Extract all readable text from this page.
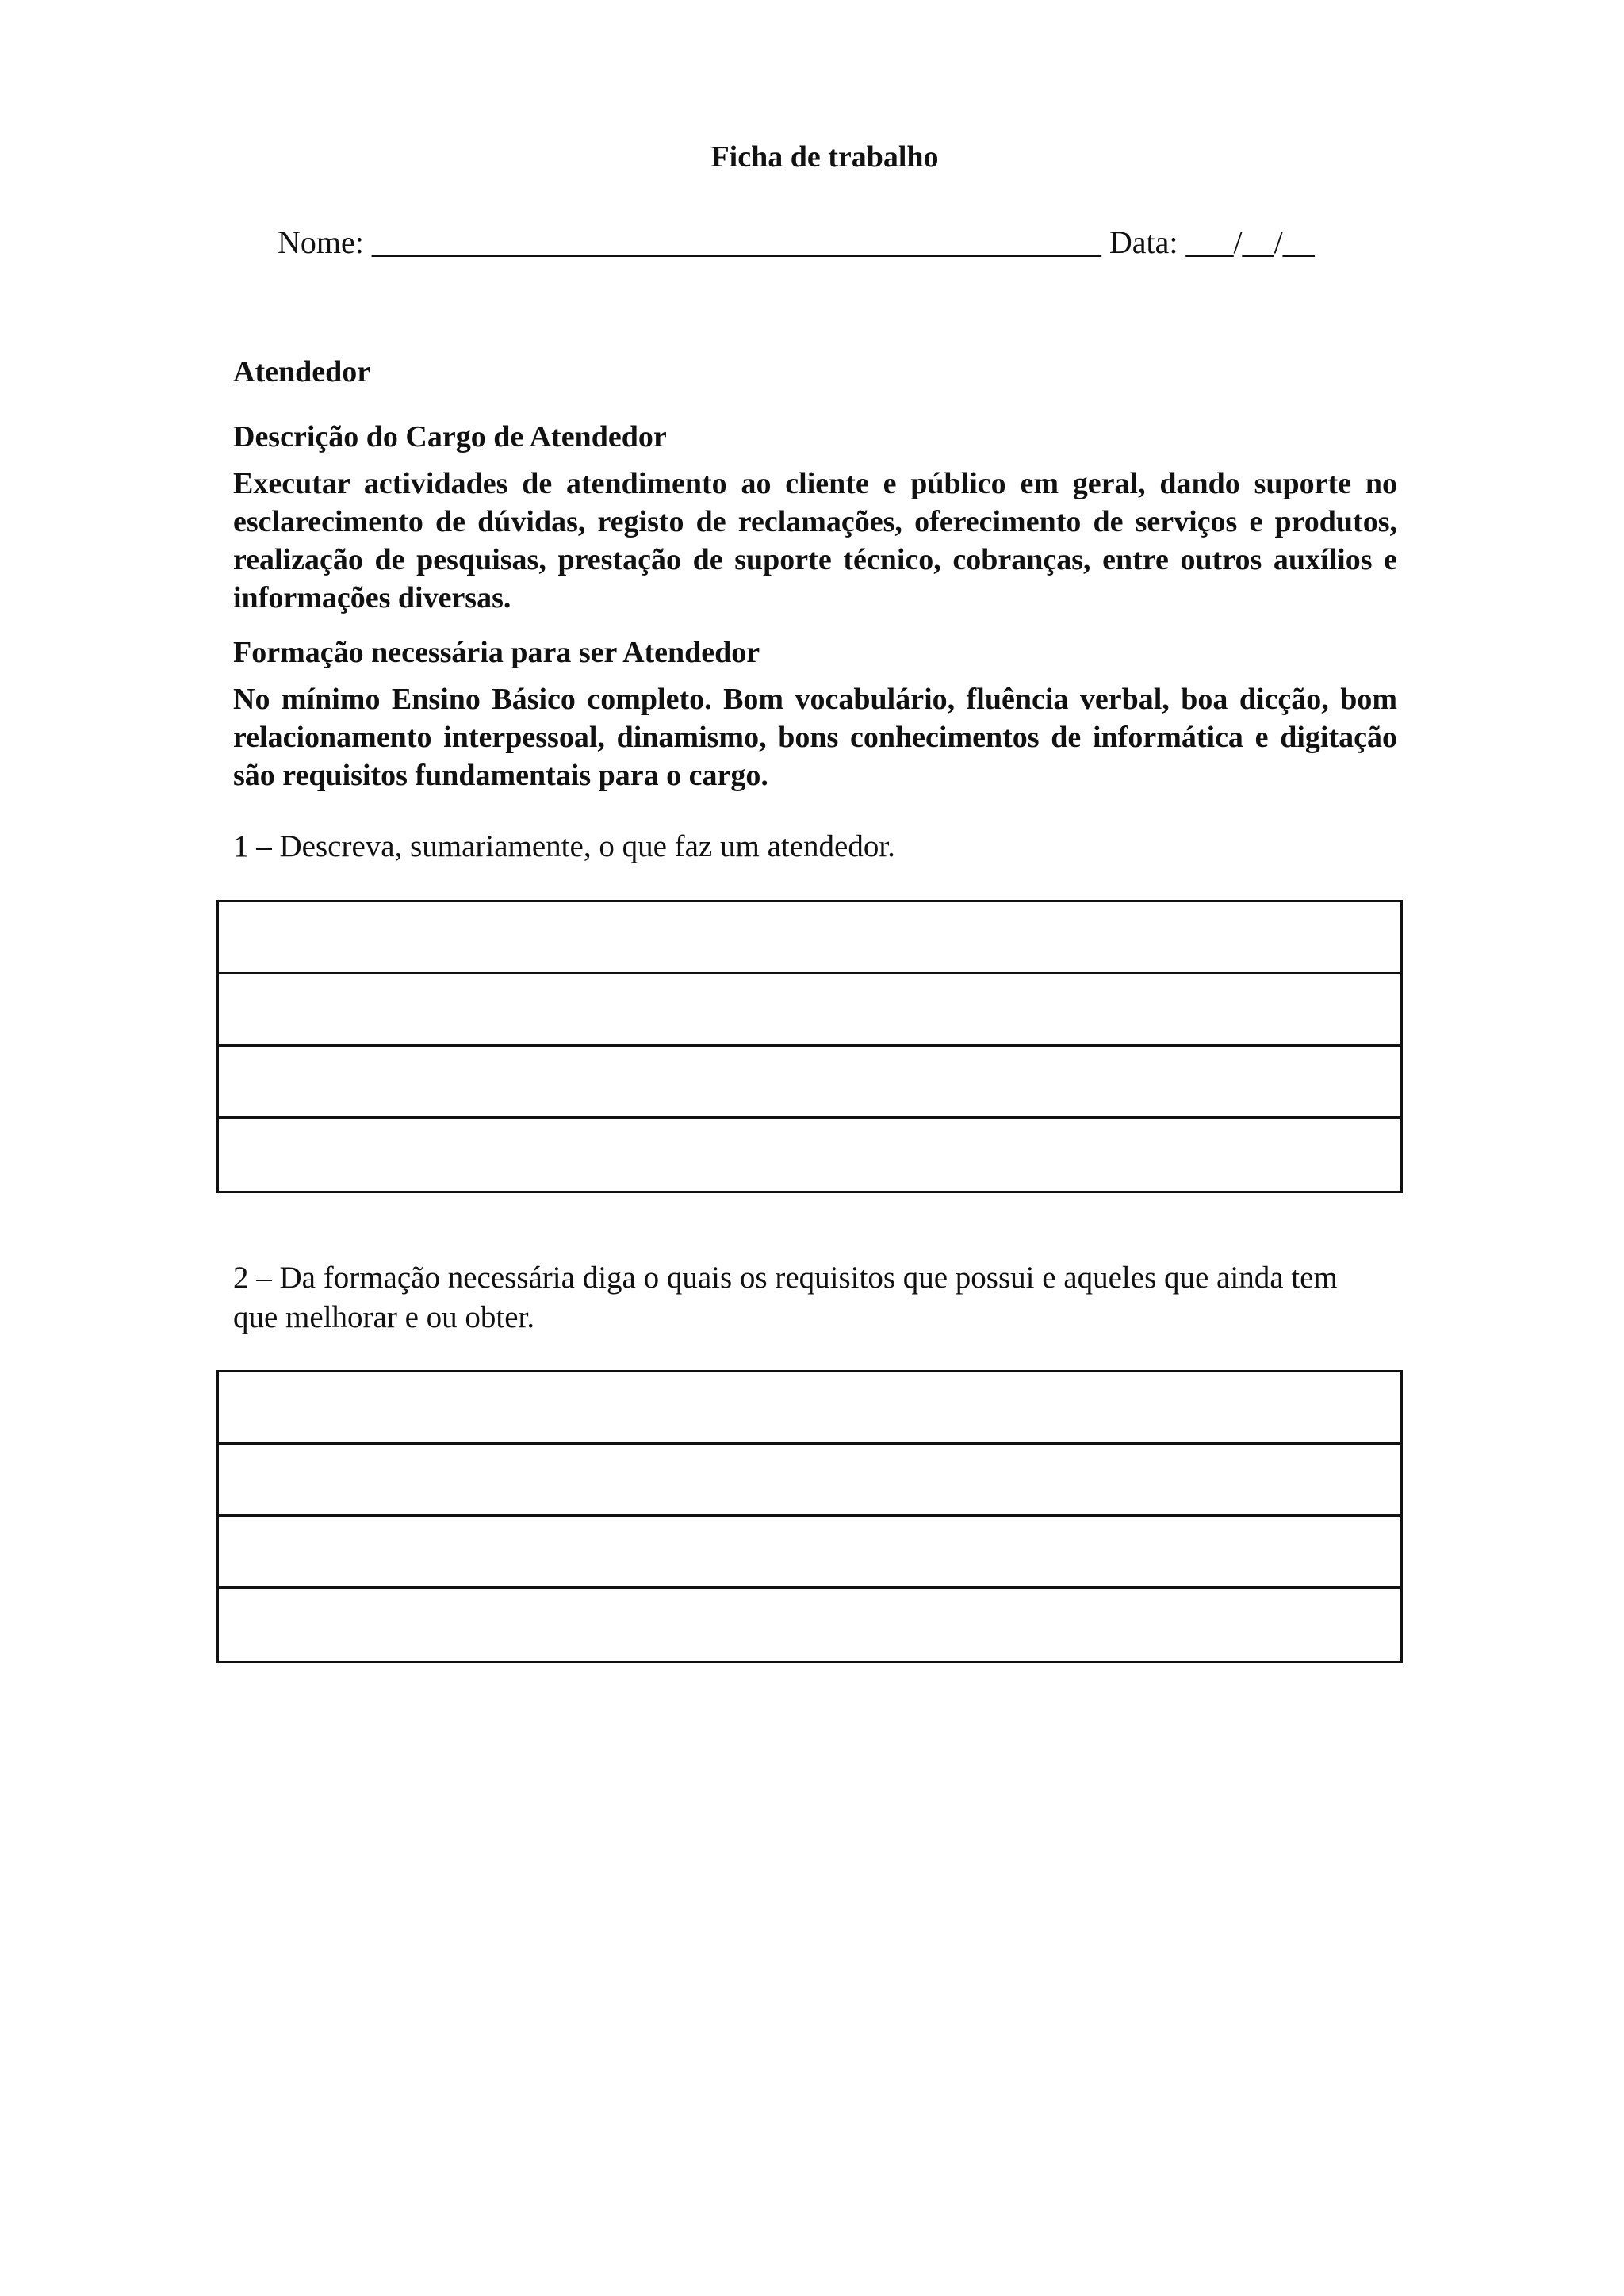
Ficha de trabalho
Nome: ______________________________________________ Data: ___/__/__
Atendedor
Descrição do Cargo de Atendedor
Executar actividades de atendimento ao cliente e público em geral, dando suporte no esclarecimento de dúvidas, registo de reclamações, oferecimento de serviços e produtos, realização de pesquisas, prestação de suporte técnico, cobranças, entre outros auxílios e informações diversas.
Formação necessária para ser Atendedor
No mínimo Ensino Básico completo. Bom vocabulário, fluência verbal, boa dicção, bom relacionamento interpessoal, dinamismo, bons conhecimentos de informática e digitação são requisitos fundamentais para o cargo.
1 – Descreva, sumariamente, o que faz um atendedor.
2 – Da formação necessária diga o quais os requisitos que possui e aqueles que ainda tem que melhorar e ou obter.
